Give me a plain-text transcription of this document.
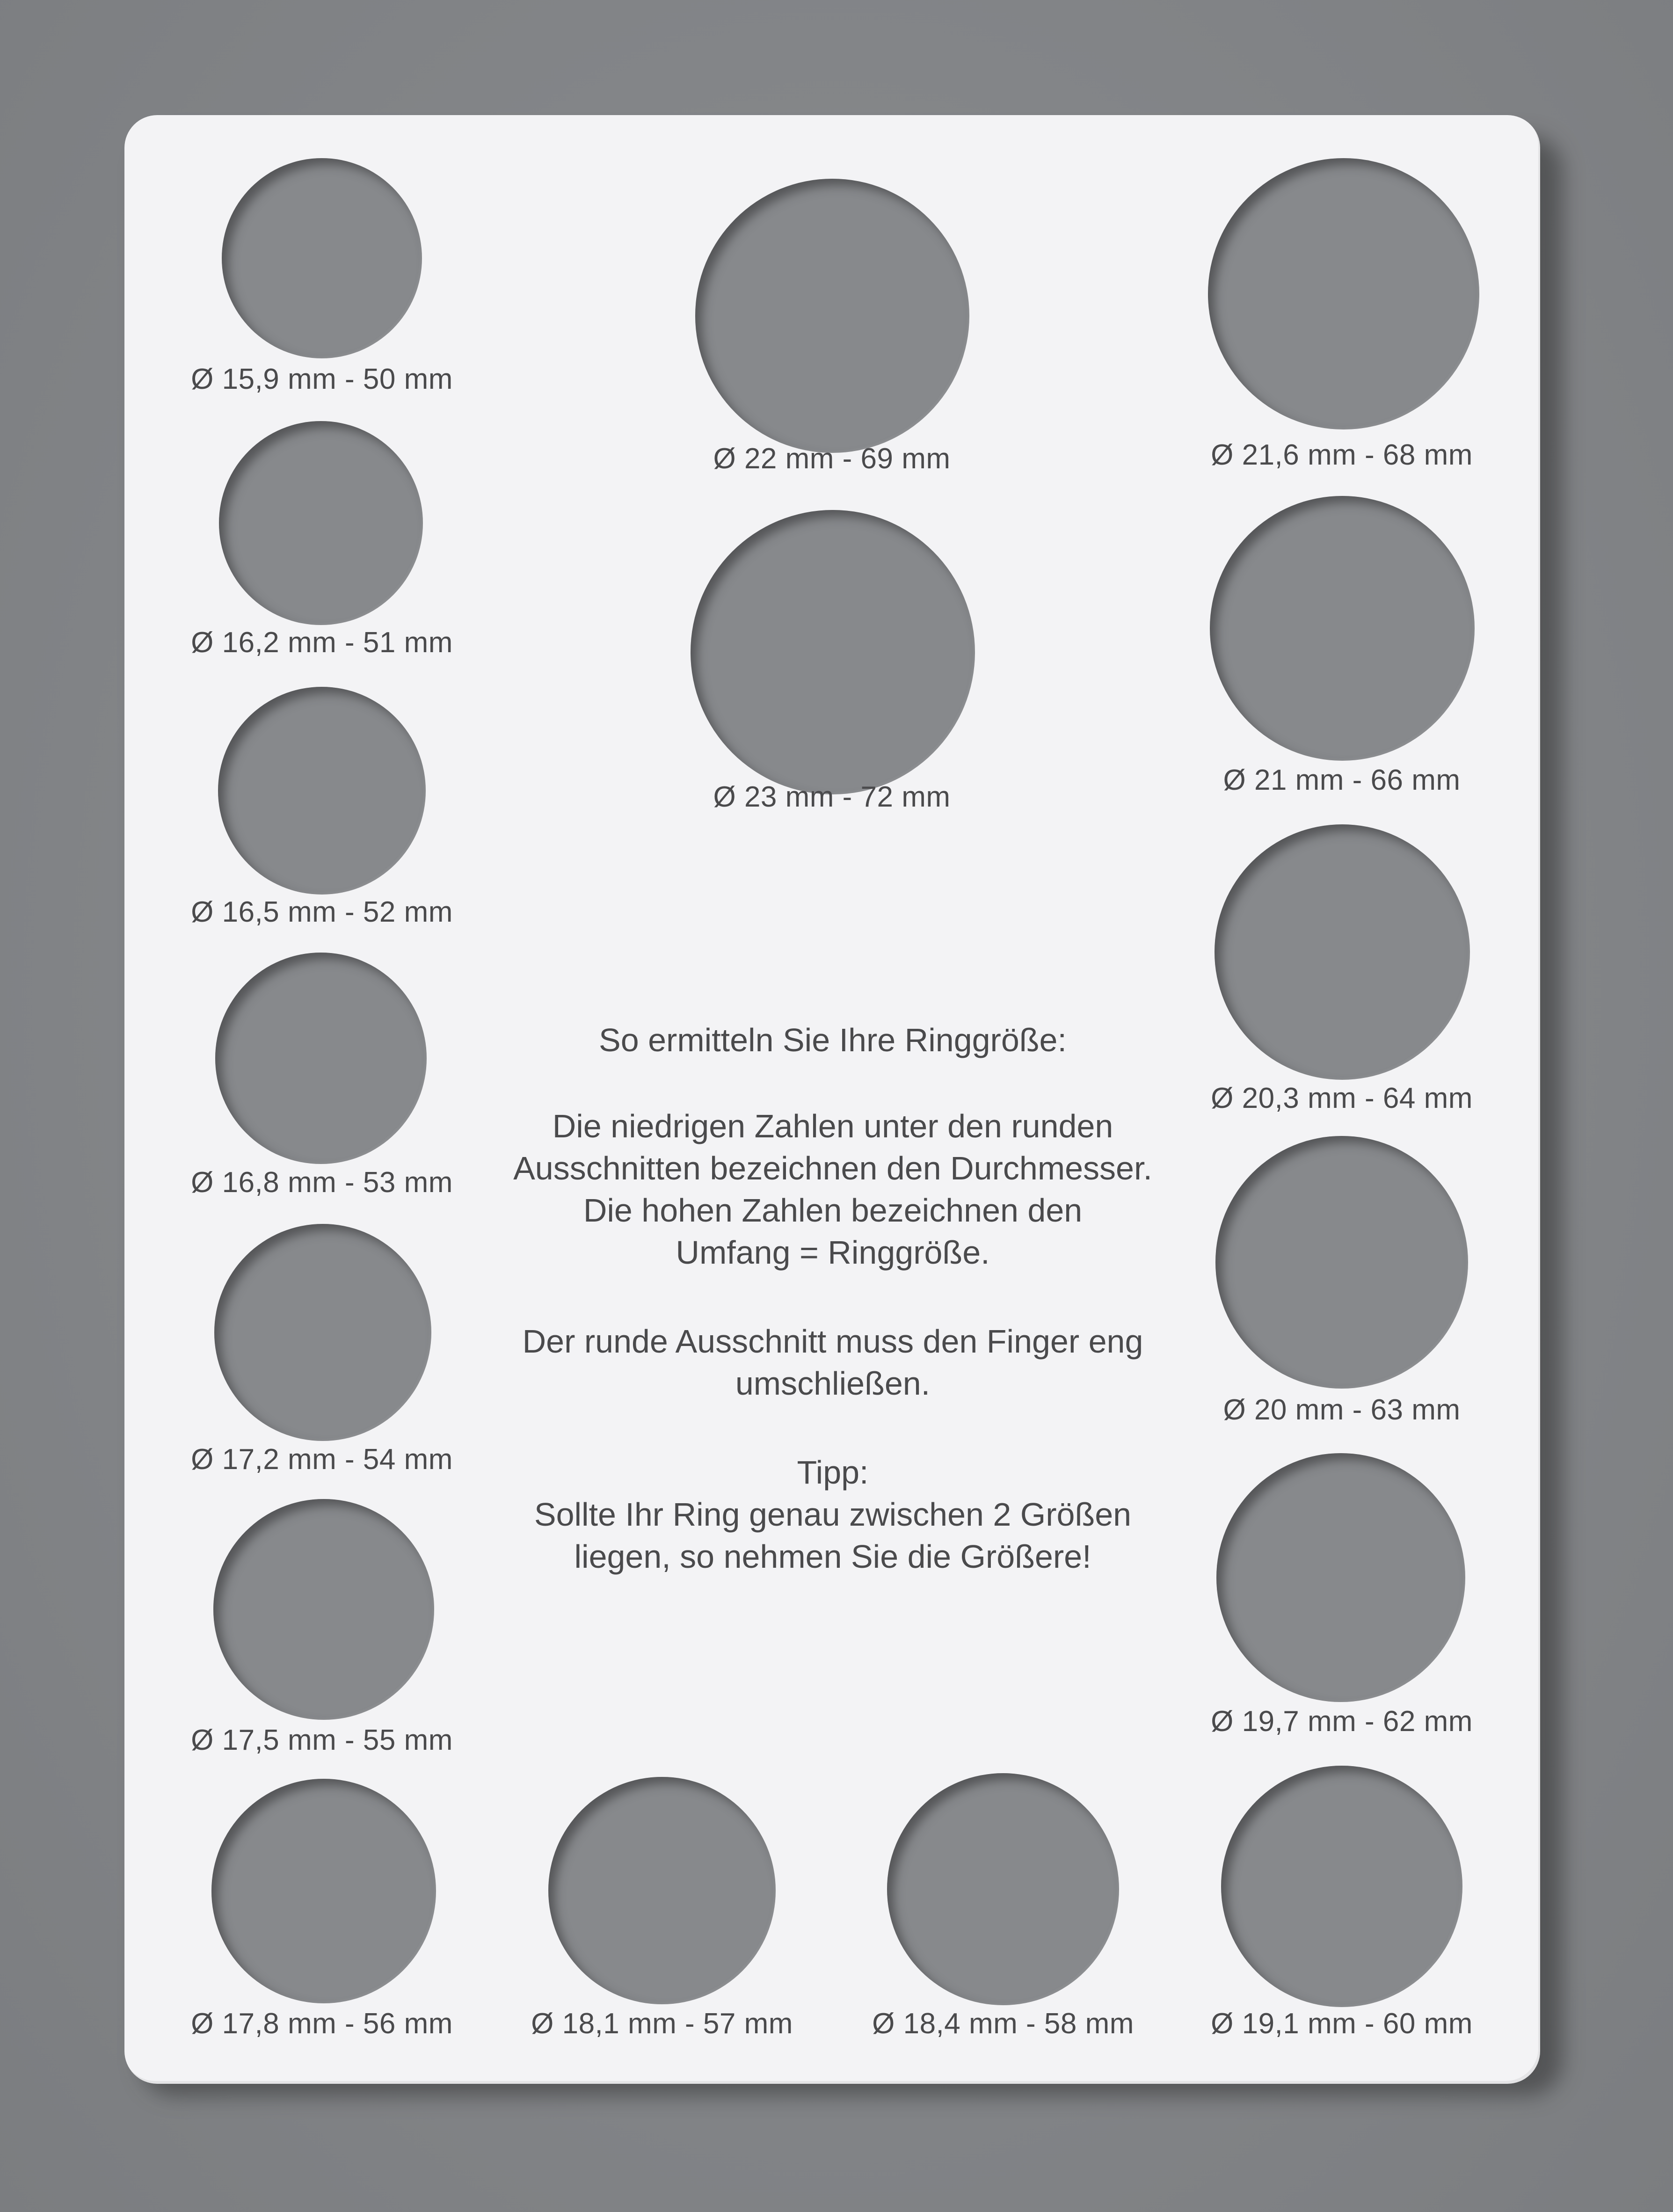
Ø 15,9 mm - 50 mm
Ø 16,2 mm - 51 mm
Ø 16,5 mm - 52 mm
Ø 16,8 mm - 53 mm
Ø 17,2 mm - 54 mm
Ø 17,5 mm - 55 mm
Ø 17,8 mm - 56 mm	Ø 18,1 mm - 57 mm	Ø 18,4 mm - 58 mm	Ø 19,1 mm - 60 mm
Ø 19,7 mm - 62 mm
Ø 20 mm - 63 mm
Ø 20,3 mm - 64 mm
Ø 21 mm - 66 mm
Ø 21,6 mm - 68 mm
Ø 22 mm - 69 mm
Ø 23 mm - 72 mm
So ermitteln Sie Ihre Ringgröße:
Die niedrigen Zahlen unter den runden
Ausschnitten bezeichnen den Durchmesser.
Die hohen Zahlen bezeichnen den
Umfang = Ringgröße.
Der runde Ausschnitt muss den Finger eng
umschließen.
Tipp:
Sollte Ihr Ring genau zwischen 2 Größen
liegen, so nehmen Sie die Größere!
